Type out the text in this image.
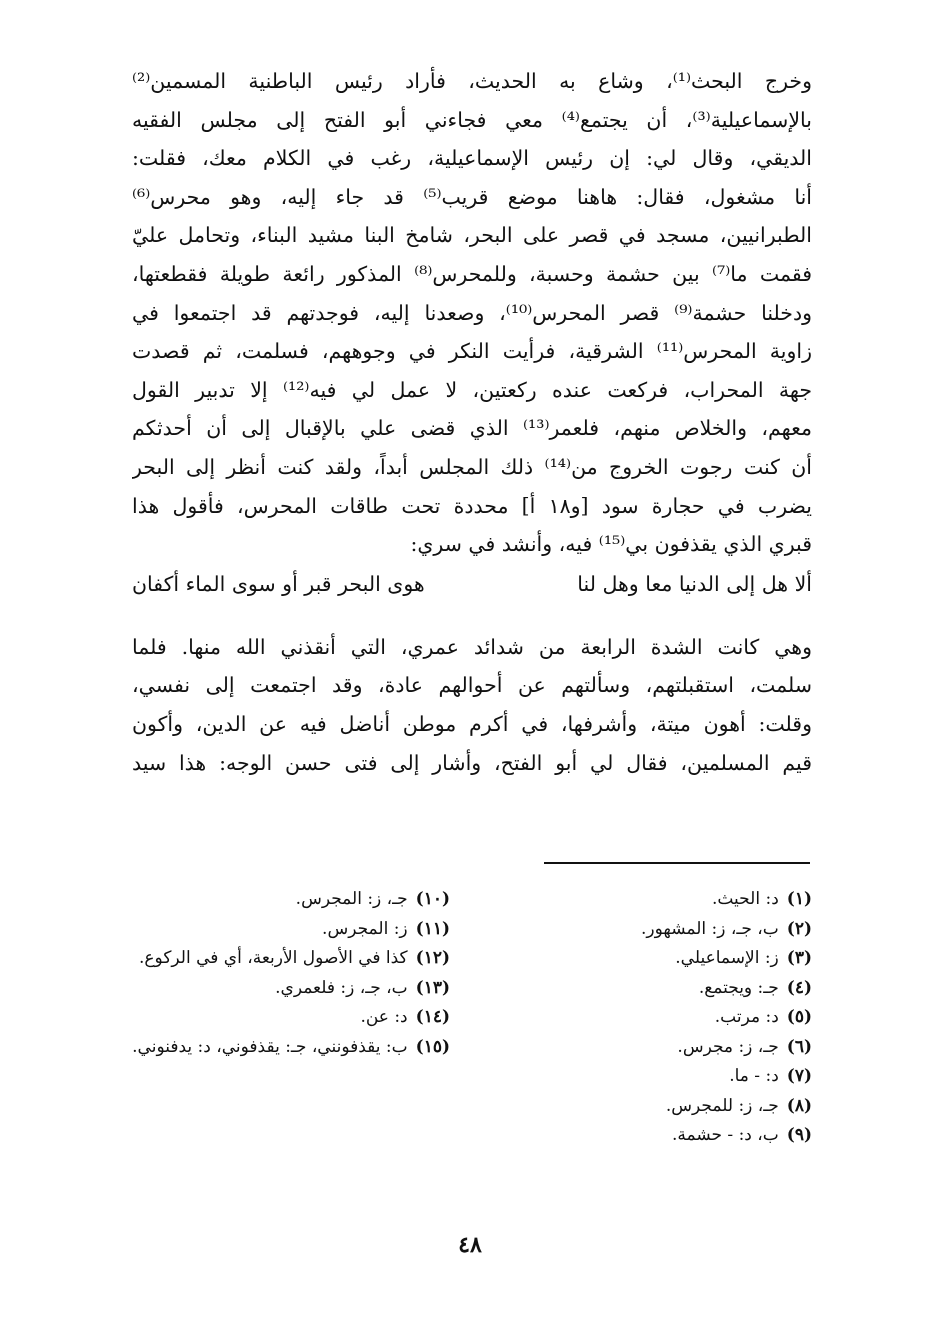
وخرج البحث⁽¹⁾، وشاع به الحديث، فأراد رئيس الباطنية المسمين⁽²⁾
بالإسماعيلية⁽³⁾، أن يجتمع⁽⁴⁾ معي فجاءني أبو الفتح إلى مجلس الفقيه
الديقي، وقال لي: إن رئيس الإسماعيلية، رغب في الكلام معك، فقلت:
أنا مشغول، فقال: هاهنا موضع قريب⁽⁵⁾ قد جاء إليه، وهو محرس⁽⁶⁾
الطبرانيين، مسجد في قصر على البحر، شامخ البنا مشيد البناء، وتحامل عليّ
فقمت ما⁽⁷⁾ بين حشمة وحسبة، وللمحرس⁽⁸⁾ المذكور رائعة طويلة فقطعتها،
ودخلنا حشمة⁽⁹⁾ قصر المحرس⁽¹⁰⁾، وصعدنا إليه، فوجدتهم قد اجتمعوا في
زاوية المحرس⁽¹¹⁾ الشرقية، فرأيت النكر في وجوههم، فسلمت، ثم قصدت
جهة المحراب، فركعت عنده ركعتين، لا عمل لي فيه⁽¹²⁾ إلا تدبير القول
معهم، والخلاص منهم، فلعمر⁽¹³⁾ الذي قضى علي بالإقبال إلى أن أحدثكم
أن كنت رجوت الخروج من⁽¹⁴⁾ ذلك المجلس أبداً، ولقد كنت أنظر إلى البحر
يضرب في حجارة سود [و١٨ أ] محددة تحت طاقات المحرس، فأقول هذا
قبري الذي يقذفون بي⁽¹⁵⁾ فيه، وأنشد في سري:
ألا هل إلى الدنيا معا وهل لنا
هوى البحر قبر أو سوى الماء أكفان
وهي كانت الشدة الرابعة من شدائد عمري، التي أنقذني الله منها. فلما
سلمت، استقبلتهم، وسألتهم عن أحوالهم عادة، وقد اجتمعت إلى نفسي،
وقلت: أهون ميتة، وأشرفها، في أكرم موطن أناضل فيه عن الدين، وأكون
قيم المسلمين، فقال لي أبو الفتح، وأشار إلى فتى حسن الوجه: هذا سيد
(١)د: الحيث.
(٢)ب، جـ، ز: المشهور.
(٣)ز: الإسماعيلي.
(٤)جـ: ويجتمع.
(٥)د: مرتب.
(٦)جـ، ز: مجرس.
(٧)د: - ما.
(٨)جـ، ز: للمجرس.
(٩)ب، د: - حشمة.
(١٠)جـ، ز: المجرس.
(١١)ز: المجرس.
(١٢)كذا في الأصول الأربعة، أي في الركوع.
(١٣)ب، جـ، ز: فلعمري.
(١٤)د: عن.
(١٥)ب: يقذفونني، جـ: يقذفوني، د: يدفنوني.
٤٨
